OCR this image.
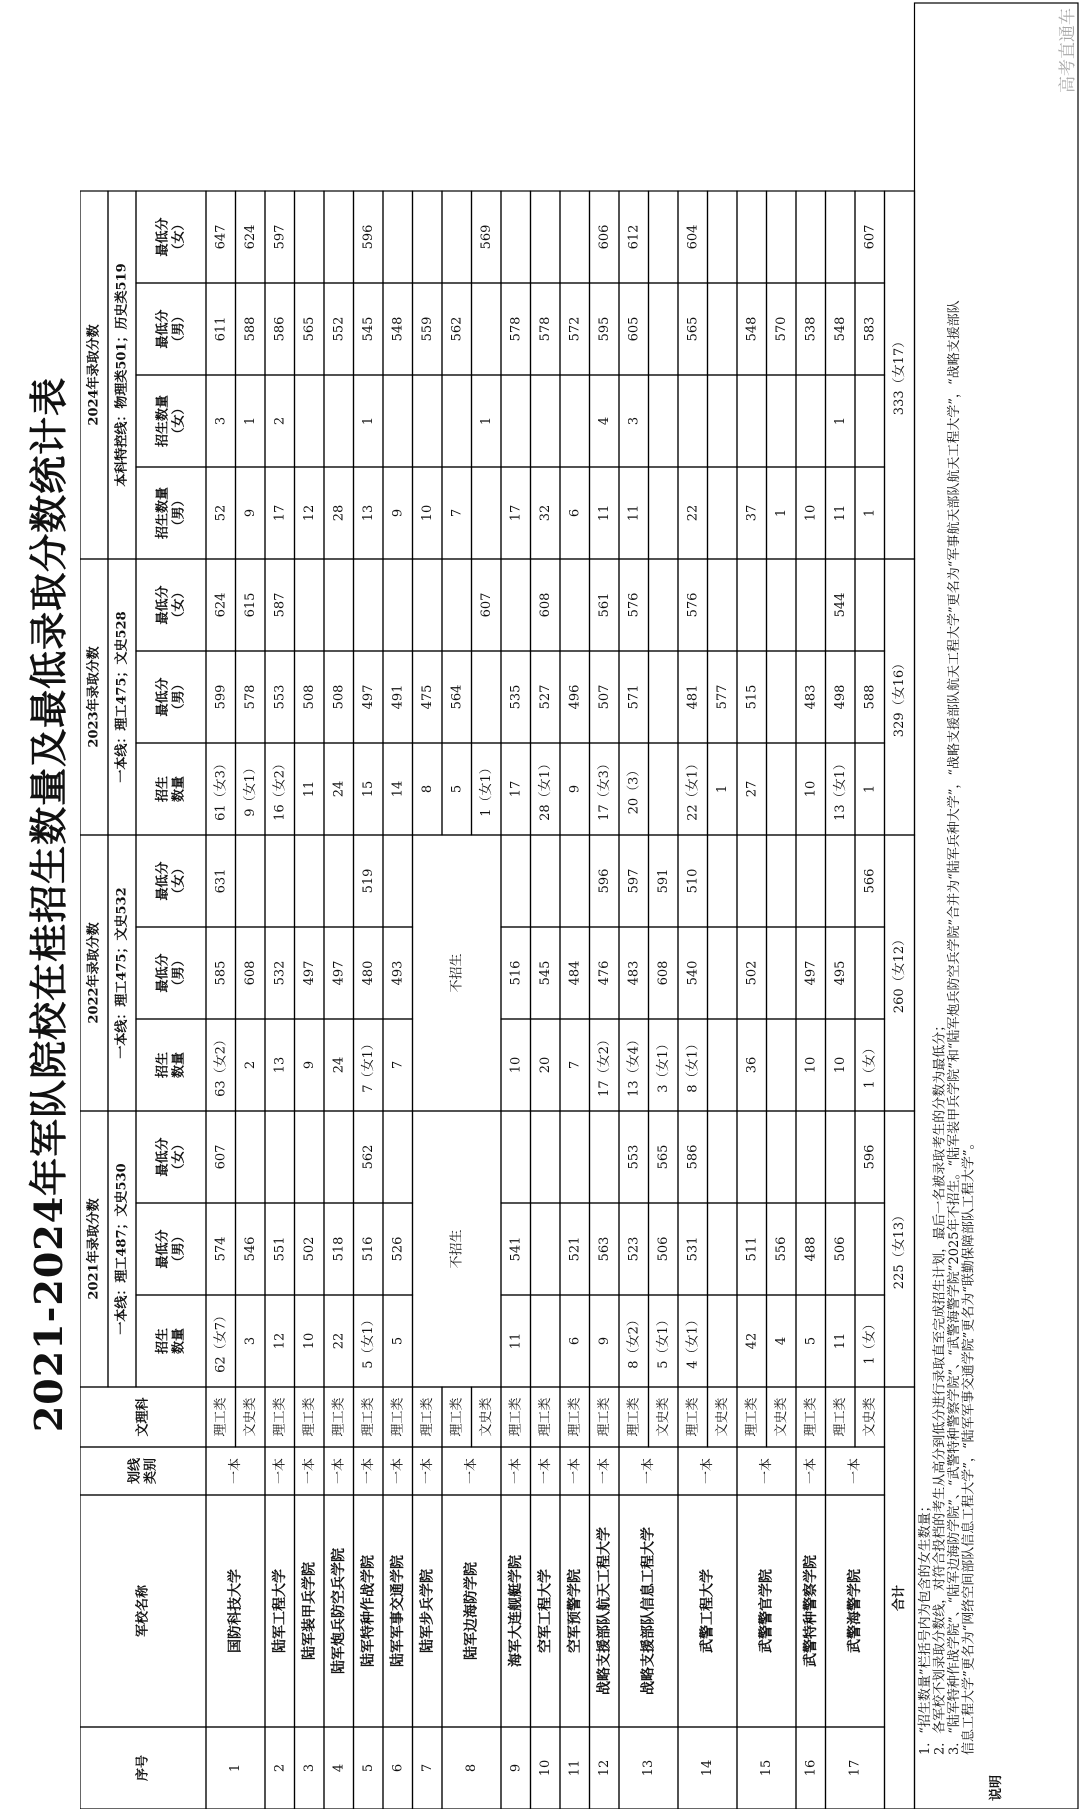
2021-2024年军队院校在桂招生数量及最低录取分数统计表
序号
军校名称
划线 类别
文理科
2021年录取分数 一本线：理工487；文史530
2022年录取分数 一本线：理工475；文史532
2023年录取分数 一本线：理工475；文史528
2024年录取分数 本科特控线：物理类501；历史类519
招生 数量
最低分 （男）
最低分 （女）
招生 数量
最低分 （男）
最低分 （女）
招生 数量
最低分 （男）
最低分 （女）
招生数量 （男）
招生数量 （女）
最低分 （男）
最低分 （女）
1
国防科技大学
一本
2
陆军工程大学
一本
3
陆军装甲兵学院
一本
4
陆军炮兵防空兵学院
一本
5
陆军特种作战学院
一本
6
陆军军事交通学院
一本
7
陆军步兵学院
一本
8
陆军边海防学院
一本
9
海军大连舰艇学院
一本
10
空军工程大学
一本
11
空军预警学院
一本
12
战略支援部队航天工程大学
一本
13
战略支援部队信息工程大学
一本
14
武警工程大学
一本
15
武警警官学院
一本
16
武警特种警察学院
一本
17
武警海警学院
一本
理工类
62（女7）
574
607
63（女2）
585
631
61（女3）
599
624
52
3
611
647
文史类
3
546
2
608
9（女1）
578
615
9
1
588
624
理工类
12
551
13
532
16（女2）
553
587
17
2
586
597
理工类
10
502
9
497
11
508
12
565
理工类
22
518
24
497
24
508
28
552
理工类
5（女1）
516
562
7（女1）
480
519
15
497
13
1
545
596
理工类
5
526
7
493
14
491
9
548
理工类
8
475
10
559
理工类
5
564
7
562
文史类
1（女1）
607
1
569
理工类
11
541
10
516
17
535
17
578
理工类
20
545
28（女1）
527
608
32
578
理工类
6
521
7
484
9
496
6
572
理工类
9
563
17（女2）
476
596
17（女3）
507
561
11
4
595
606
理工类
8（女2）
523
553
13（女4）
483
597
20（3）
571
576
11
3
605
612
文史类
5（女1）
506
565
3（女1）
608
591
理工类
4（女1）
531
586
8（女1）
540
510
22（女1）
481
576
22
565
604
文史类
1
577
理工类
42
511
36
502
27
515
37
548
文史类
4
556
1
570
理工类
5
488
10
497
10
483
10
538
理工类
11
506
10
495
13（女1）
498
544
11
1
548
文史类
1（女）
596
1（女）
566
1
588
1
583
607
不招生
不招生
合计
225（女13）
260（女12）
329（女16）
333（女17）
说明
1．“招生数量”栏括号内为包含的女生数量； 2．各军校不划录取分数线，对符合投档的考生从高分到低分进行录取直至完成招生计划，最后一名被录取考生的分数为最低分； 3．“陆军特种作战学院”、“陆军边海防学院”、“武警特种警察学院”、“武警海警学院”2025年不招生。“陆军装甲兵学院”和“陆军炮兵防空兵学院”合并为“陆军兵种大学”，“战略支援部队航天工程大学”更名为“军事航天部队航天工程大学”，“战略支援部队 信息工程大学”更名为“网络空间部队信息工程大学”，“陆军军事交通学院”更名为“联勤保障部队工程大学”。
高考直通车
